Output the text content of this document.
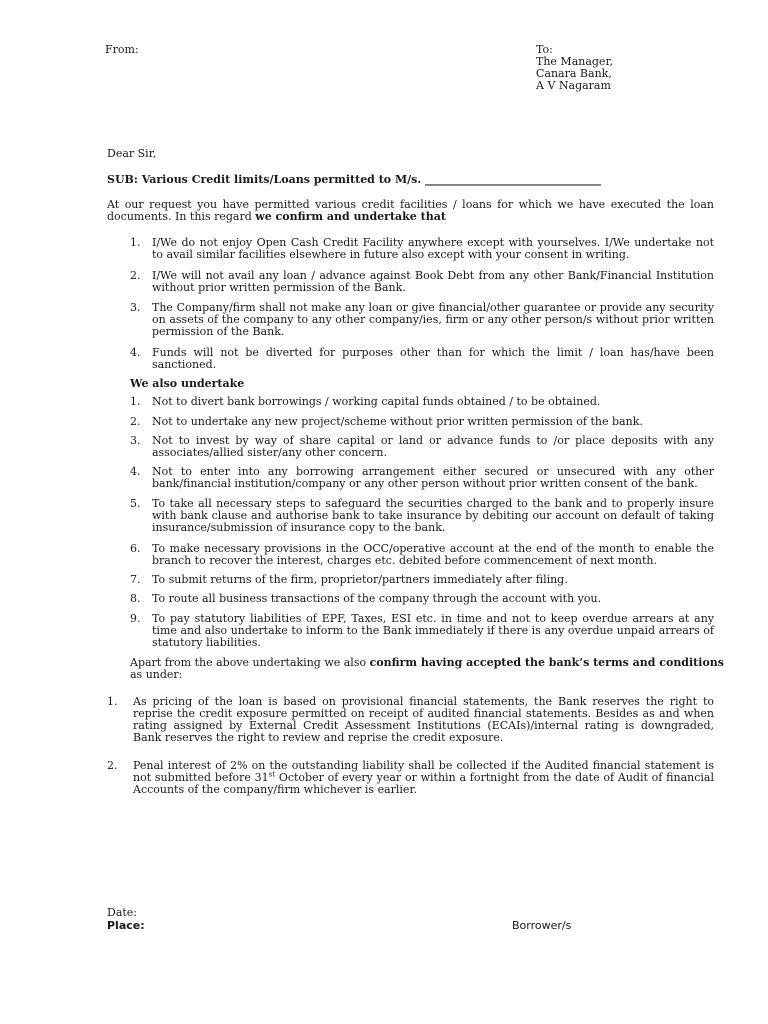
From:	To:
The Manager,
Canara Bank,
A V Nagaram
Dear Sir,
SUB: Various Credit limits/Loans permitted to M/s. ________________________________
At our request you have permitted various credit facilities / loans for which we have executed the loan documents. In this regard we confirm and undertake that
1. I/We do not enjoy Open Cash Credit Facility anywhere except with yourselves. I/We undertake not to avail similar facilities elsewhere in future also except with your consent in writing.
2. I/We will not avail any loan / advance against Book Debt from any other Bank/Financial Institution without prior written permission of the Bank.
3. The Company/firm shall not make any loan or give financial/other guarantee or provide any security on assets of the company to any other company/ies, firm or any other person/s without prior written permission of the Bank.
4. Funds will not be diverted for purposes other than for which the limit / loan has/have been sanctioned.
We also undertake
1. Not to divert bank borrowings / working capital funds obtained / to be obtained.
2. Not to undertake any new project/scheme without prior written permission of the bank.
3. Not to invest by way of share capital or land or advance funds to /or place deposits with any associates/allied sister/any other concern.
4. Not to enter into any borrowing arrangement either secured or unsecured with any other bank/financial institution/company or any other person without prior written consent of the bank.
5. To take all necessary steps to safeguard the securities charged to the bank and to properly insure with bank clause and authorise bank to take insurance by debiting our account on default of taking insurance/submission of insurance copy to the bank.
6. To make necessary provisions in the OCC/operative account at the end of the month to enable the branch to recover the interest, charges etc. debited before commencement of next month.
7. To submit returns of the firm, proprietor/partners immediately after filing.
8. To route all business transactions of the company through the account with you.
9. To pay statutory liabilities of EPF, Taxes, ESI etc. in time and not to keep overdue arrears at any time and also undertake to inform to the Bank immediately if there is any overdue unpaid arrears of statutory liabilities.
Apart from the above undertaking we also confirm having accepted the bank’s terms and conditions
as under:
1. As pricing of the loan is based on provisional financial statements, the Bank reserves the right to reprise the credit exposure permitted on receipt of audited financial statements. Besides as and when rating assigned by External Credit Assessment Institutions (ECAIs)/internal rating is downgraded, Bank reserves the right to review and reprise the credit exposure.
2. Penal interest of 2% on the outstanding liability shall be collected if the Audited financial statement is not submitted before 31st October of every year or within a fortnight from the date of Audit of financial Accounts of the company/firm whichever is earlier.
Date:
Place:	Borrower/s
